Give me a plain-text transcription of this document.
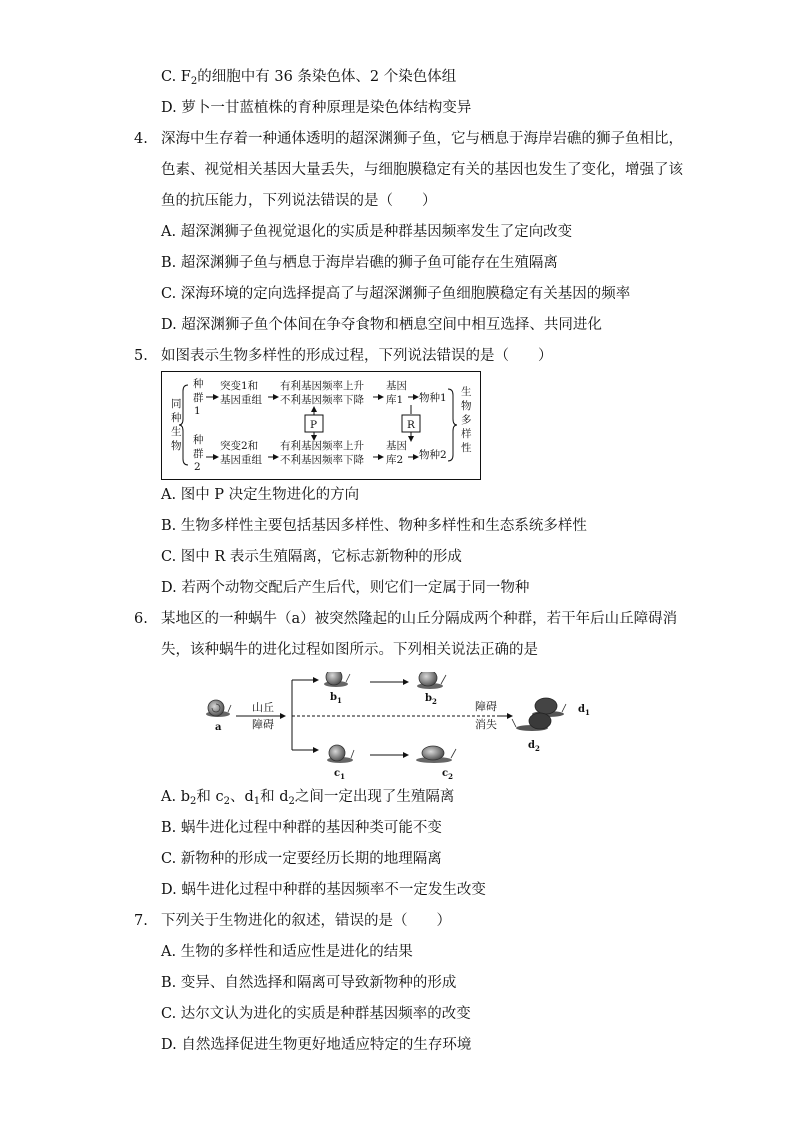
C. $F_2$的细胞中有 36 条染色体、2 个染色体组
D. 萝卜一甘蓝植株的育种原理是染色体结构变异
4. 深海中生存着一种通体透明的超深渊狮子鱼，它与栖息于海岸岩礁的狮子鱼相比，
色素、视觉相关基因大量丢失，与细胞膜稳定有关的基因也发生了变化，增强了该
鱼的抗压能力，下列说法错误的是（　　）
A. 超深渊狮子鱼视觉退化的实质是种群基因频率发生了定向改变
B. 超深渊狮子鱼与栖息于海岸岩礁的狮子鱼可能存在生殖隔离
C. 深海环境的定向选择提高了与超深渊狮子鱼细胞膜稳定有关基因的频率
D. 超深渊狮子鱼个体间在争夺食物和栖息空间中相互选择、共同进化
5. 如图表示生物多样性的形成过程，下列说法错误的是（　　）
同
种
生
物
种
群
1
种
群
2
突变1和
基因重组
有利基因频率上升
不利基因频率下降
基因
库1 物种1
突变2和
基因重组
有利基因频率上升
不利基因频率下降
基因
库2 物种2
P	R
生
物
多
样
性
A. 图中 P 决定生物进化的方向
B. 生物多样性主要包括基因多样性、物种多样性和生态系统多样性
C. 图中 R 表示生殖隔离，它标志新物种的形成
D. 若两个动物交配后产生后代，则它们一定属于同一物种
6. 某地区的一种蜗牛（a）被突然隆起的山丘分隔成两个种群，若干年后山丘障碍消
失，该种蜗牛的进化过程如图所示。下列相关说法正确的是
a
山丘
障碍
$b_1$	$b_2$
$c_1$	$c_2$
障碍
消失
$d_1$
$d_2$
A. $b_2$和 $c_2$、$d_1$和 $d_2$之间一定出现了生殖隔离
B. 蜗牛进化过程中种群的基因种类可能不变
C. 新物种的形成一定要经历长期的地理隔离
D. 蜗牛进化过程中种群的基因频率不一定发生改变
7. 下列关于生物进化的叙述，错误的是（　　）
A. 生物的多样性和适应性是进化的结果
B. 变异、自然选择和隔离可导致新物种的形成
C. 达尔文认为进化的实质是种群基因频率的改变
D. 自然选择促进生物更好地适应特定的生存环境
